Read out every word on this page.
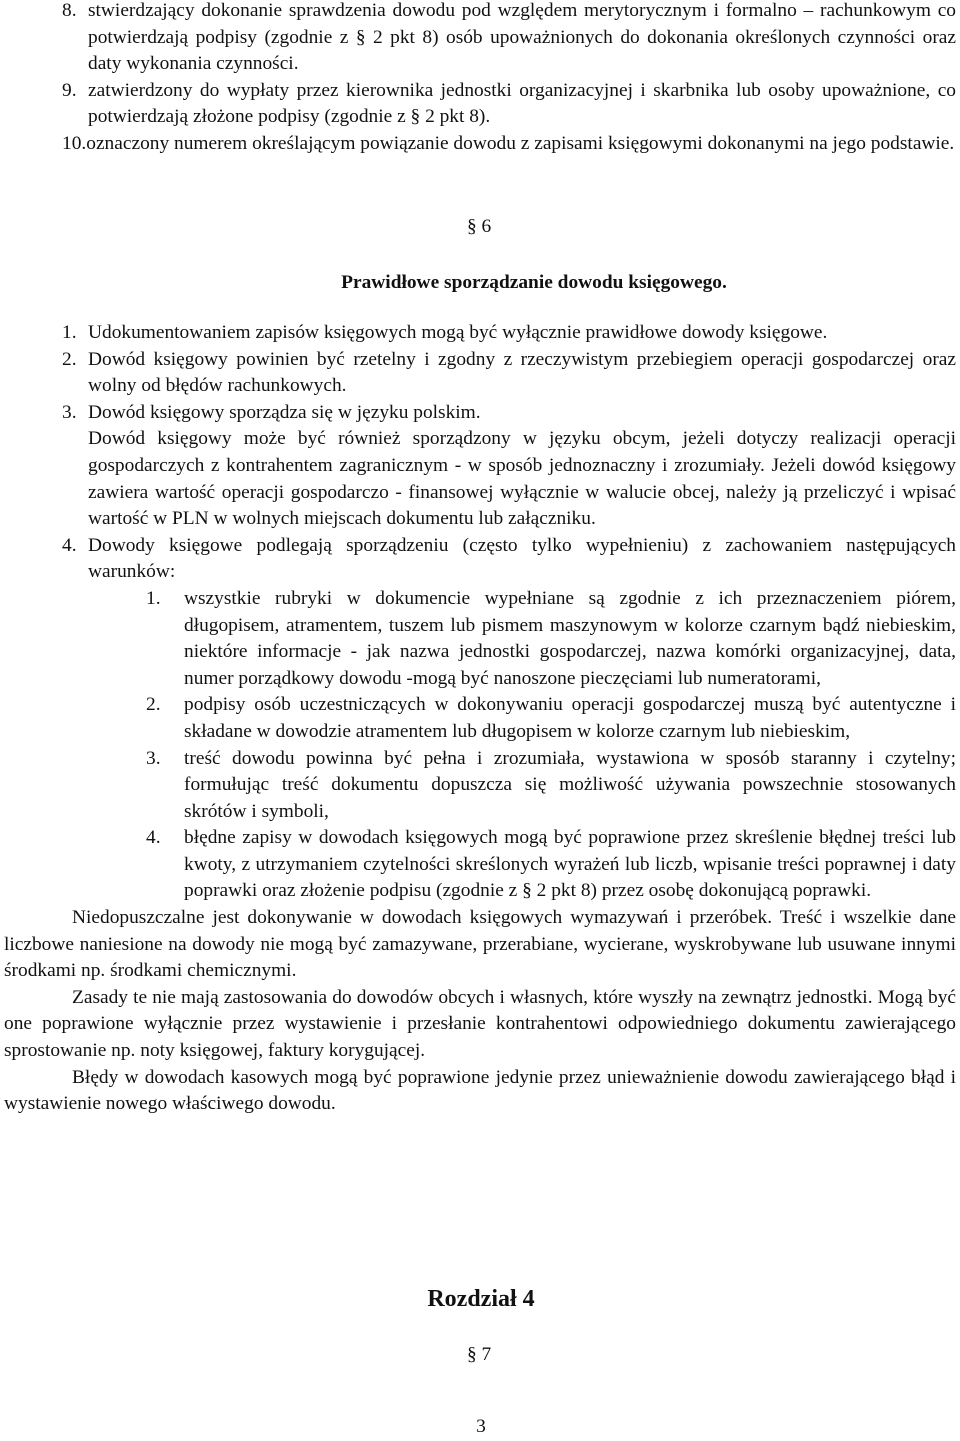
8. stwierdzający dokonanie sprawdzenia dowodu pod względem merytorycznym i formalno – rachunkowym co potwierdzają podpisy (zgodnie z § 2 pkt 8) osób upoważnionych do dokonania określonych czynności oraz daty wykonania czynności.
9. zatwierdzony do wypłaty przez kierownika jednostki organizacyjnej i skarbnika lub osoby upoważnione, co potwierdzają złożone podpisy (zgodnie z § 2 pkt 8).
10.oznaczony numerem określającym powiązanie dowodu z zapisami księgowymi dokonanymi na jego podstawie.
§ 6
Prawidłowe sporządzanie dowodu księgowego.
1. Udokumentowaniem zapisów księgowych mogą być wyłącznie prawidłowe dowody księgowe.
2. Dowód księgowy powinien być rzetelny i zgodny z rzeczywistym przebiegiem operacji gospodarczej oraz wolny od błędów rachunkowych.
3. Dowód księgowy sporządza się w języku polskim.
Dowód księgowy może być również sporządzony w języku obcym, jeżeli dotyczy realizacji operacji gospodarczych z kontrahentem zagranicznym - w sposób jednoznaczny i zrozumiały. Jeżeli dowód księgowy zawiera wartość operacji gospodarczo - finansowej wyłącznie w walucie obcej, należy ją przeliczyć i wpisać wartość w PLN w wolnych miejscach dokumentu lub załączniku.
4. Dowody księgowe podlegają sporządzeniu (często tylko wypełnieniu) z zachowaniem następujących warunków:
1. wszystkie rubryki w dokumencie wypełniane są zgodnie z ich przeznaczeniem piórem, długopisem, atramentem, tuszem lub pismem maszynowym w kolorze czarnym bądź niebieskim, niektóre informacje - jak nazwa jednostki gospodarczej, nazwa komórki organizacyjnej, data, numer porządkowy dowodu -mogą być nanoszone pieczęciami lub numeratorami,
2. podpisy osób uczestniczących w dokonywaniu operacji gospodarczej muszą być autentyczne i składane w dowodzie atramentem lub długopisem w kolorze czarnym lub niebieskim,
3. treść dowodu powinna być pełna i zrozumiała, wystawiona w sposób staranny i czytelny; formułując treść dokumentu dopuszcza się możliwość używania powszechnie stosowanych skrótów i symboli,
4. błędne zapisy w dowodach księgowych mogą być poprawione przez skreślenie błędnej treści lub kwoty, z utrzymaniem czytelności skreślonych wyrażeń lub liczb, wpisanie treści poprawnej i daty poprawki oraz złożenie podpisu (zgodnie z § 2 pkt 8) przez osobę dokonującą poprawki.
Niedopuszczalne jest dokonywanie w dowodach księgowych wymazywań i przeróbek. Treść i wszelkie dane liczbowe naniesione na dowody nie mogą być zamazywane, przerabiane, wycierane, wyskrobywane lub usuwane innymi środkami np. środkami chemicznymi.
Zasady te nie mają zastosowania do dowodów obcych i własnych, które wyszły na zewnątrz jednostki. Mogą być one poprawione wyłącznie przez wystawienie i przesłanie kontrahentowi odpowiedniego dokumentu zawierającego sprostowanie np. noty księgowej, faktury korygującej.
Błędy w dowodach kasowych mogą być poprawione jedynie przez unieważnienie dowodu zawierającego błąd i wystawienie nowego właściwego dowodu.
Rozdział 4
§ 7
3
